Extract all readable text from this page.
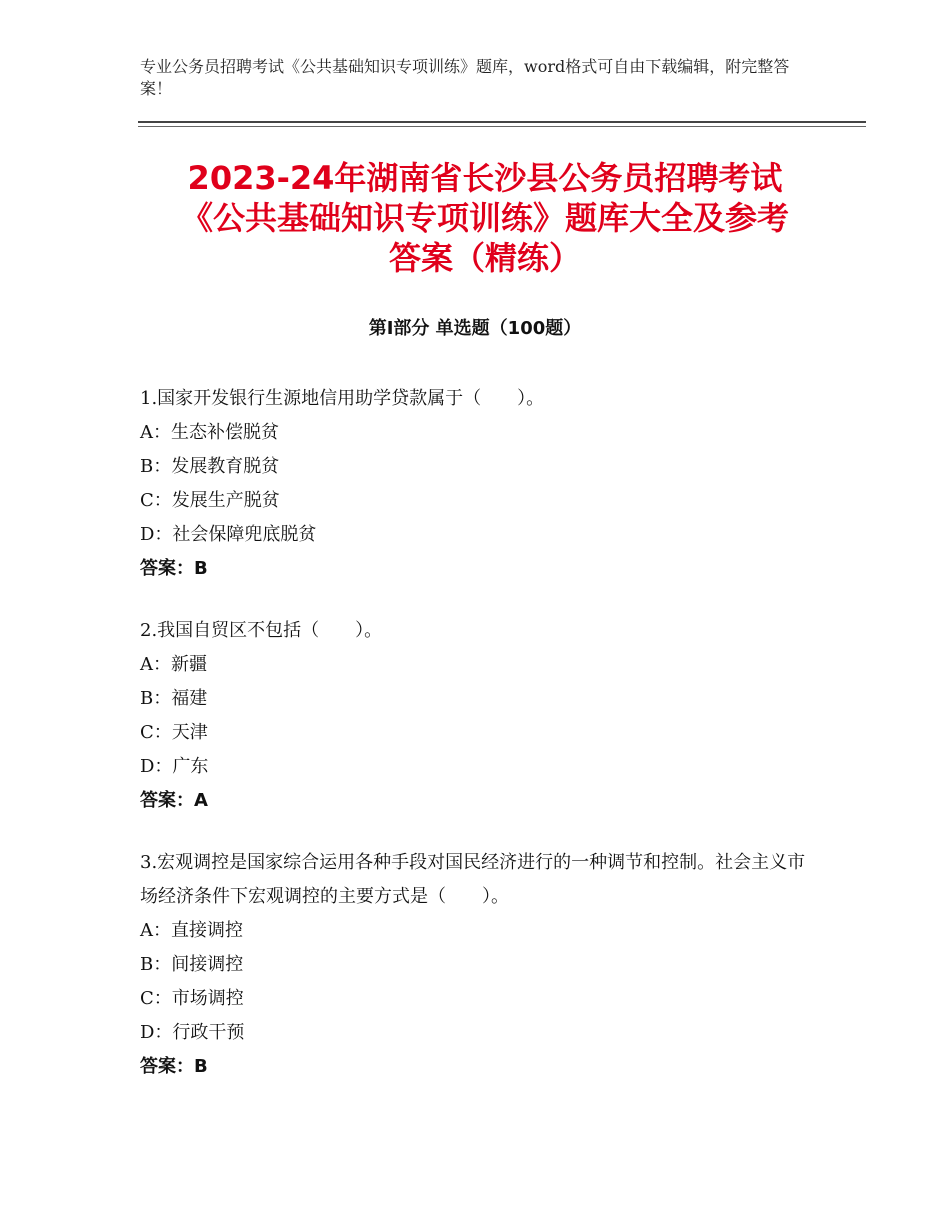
专业公务员招聘考试《公共基础知识专项训练》题库，word格式可自由下载编辑，附完整答案！
2023-24年湖南省长沙县公务员招聘考试
《公共基础知识专项训练》题库大全及参考
答案（精练）
第Ⅰ部分 单选题（100题）

1.国家开发银行生源地信用助学贷款属于（　　）。

A：生态补偿脱贫

B：发展教育脱贫

C：发展生产脱贫

D：社会保障兜底脱贫

答案：B

2.我国自贸区不包括（　　）。

A：新疆

B：福建

C：天津

D：广东

答案：A

3.宏观调控是国家综合运用各种手段对国民经济进行的一种调节和控制。社会主义市场经济条件下宏观调控的主要方式是（　　）。

A：直接调控

B：间接调控

C：市场调控

D：行政干预

答案：B
